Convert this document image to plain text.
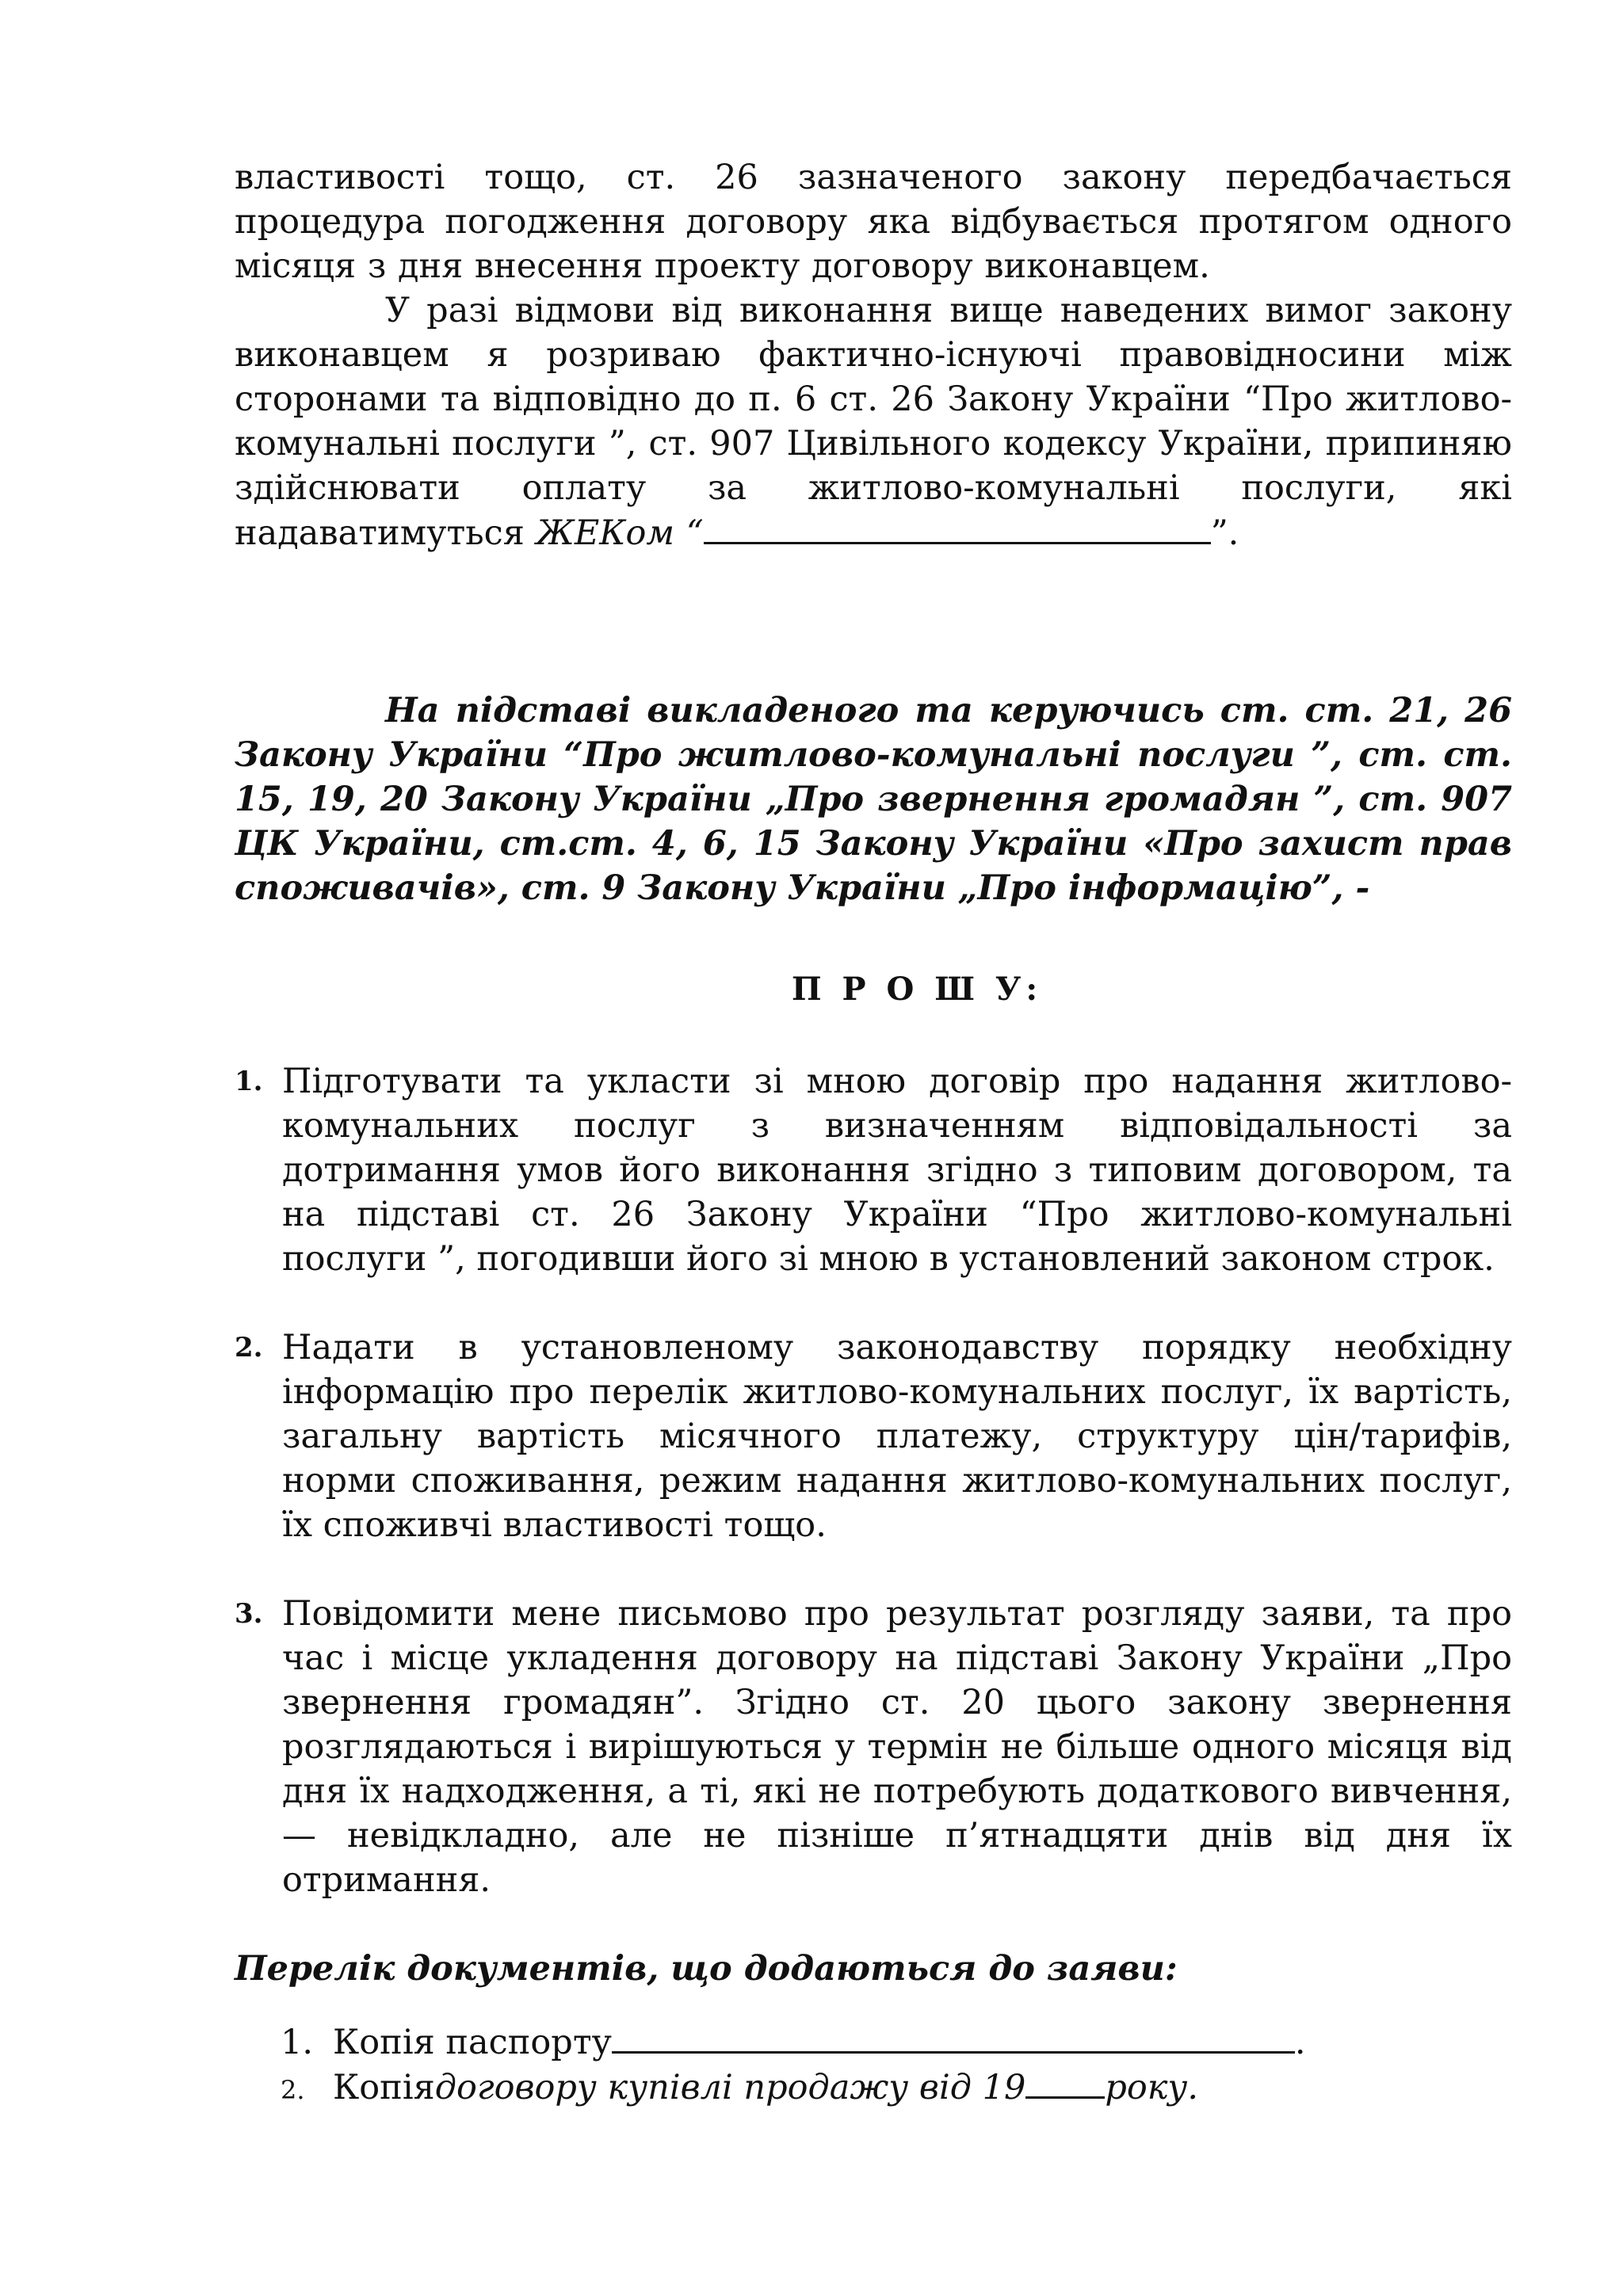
властивості тощо, ст. 26 зазначеного закону передбачається процедура погодження договору яка відбувається протягом одного місяця з дня внесення проекту договору виконавцем.

У разі відмови від виконання вище наведених вимог закону виконавцем я розриваю фактично-існуючі правовідносини між сторонами та відповідно до п. 6 ст. 26 Закону України “Про житлово-комунальні послуги ”, ст. 907 Цивільного кодексу України, припиняю здійснювати оплату за житлово-комунальні послуги, які надаватимуться ЖЕКом “	”.

На підставі викладеного та керуючись ст. ст. 21, 26 Закону України “Про житлово-комунальні послуги ”, ст. ст. 15, 19, 20 Закону України „Про звернення громадян ”, ст. 907 ЦК України, ст.ст. 4, 6, 15 Закону України «Про захист прав споживачів», ст. 9 Закону України „Про інформацію”, -

П Р О Ш У:
1. Підготувати та укласти зі мною договір про надання житлово-комунальних послуг з визначенням відповідальності за дотримання умов його виконання згідно з типовим договором, та на підставі ст. 26 Закону України “Про житлово-комунальні послуги ”, погодивши його зі мною в установлений законом строк.
2. Надати в установленому законодавству порядку необхідну інформацію про перелік житлово-комунальних послуг, їх вартість, загальну вартість місячного платежу, структуру цін/тарифів, норми споживання, режим надання житлово-комунальних послуг, їх споживчі властивості тощо.
3. Повідомити мене письмово про результат розгляду заяви, та про час і місце укладення договору на підставі Закону України „Про звернення громадян”. Згідно ст. 20 цього закону звернення розглядаються і вирішуються у термін не більше одного місяця від дня їх надходження, а ті, які не потребують додаткового вивчення, — невідкладно, але не пізніше п’ятнадцяти днів від дня їх отримання.
Перелік документів, що додаються до заяви:
1. Копія паспорту	.
2. Копія договору купівлі продажу від 19 року.
